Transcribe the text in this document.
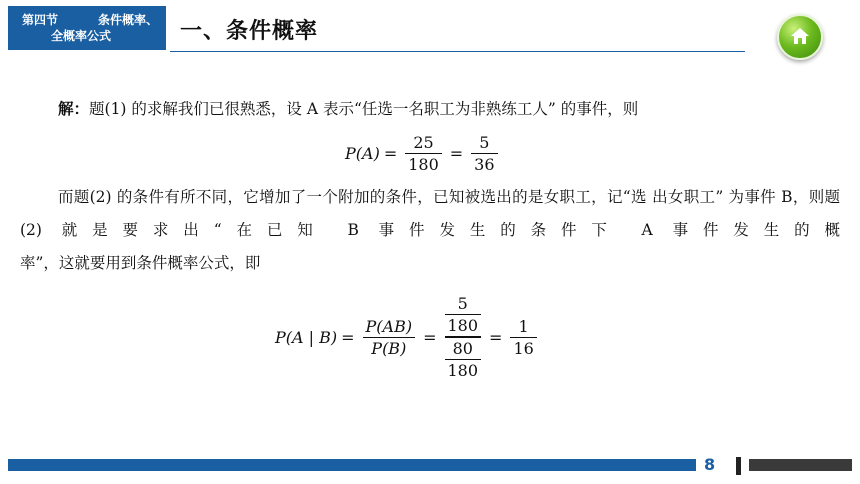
第四节	条件概率、
全概率公式	一、条件概率
解：题(1) 的求解我们已很熟悉，设 A 表示“任选一名职工为非熟练工人” 的事件，则
$P(A) = \frac{25}{180} = \frac{5}{36}$
而题(2) 的条件有所不同，它增加了一个附加的条件，已知被选出的是女职工，记“选 出女职工” 为事件 B，则题(2) 就是要求出“在已知 B 事件发生的条件下 A 事件发生的概
率”，这就要用到条件概率公式，即
P(A | $B) = \frac{P(AB)}{P(B)} = \frac{\frac{5}{180}}{\frac{80}{180}} = \frac{1}{16}$
8
